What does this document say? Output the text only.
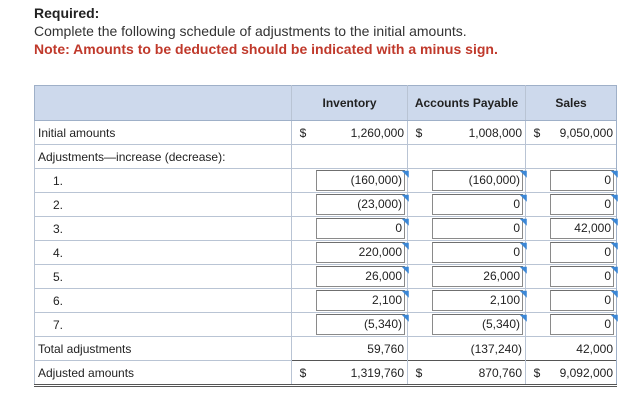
Required:
Complete the following schedule of adjustments to the initial amounts.
Note: Amounts to be deducted should be indicated with a minus sign.
	Inventory		Accounts Payable		Sales	
Initial amounts	$	1,260,000	$	1,008,000	$	9,050,000
Adjustments—increase (decrease):						
1.		(160,000)		(160,000)		0

2.		(23,000)		0		0

3.		0		0		42,000

4.		220,000		0		0

5.		26,000		26,000		0

6.		2,100		2,100		0

7.		(5,340)		(5,340)		0

Total adjustments		59,760		(137,240)		42,000
Adjusted amounts	$	1,319,760	$	870,760	$	9,092,000
